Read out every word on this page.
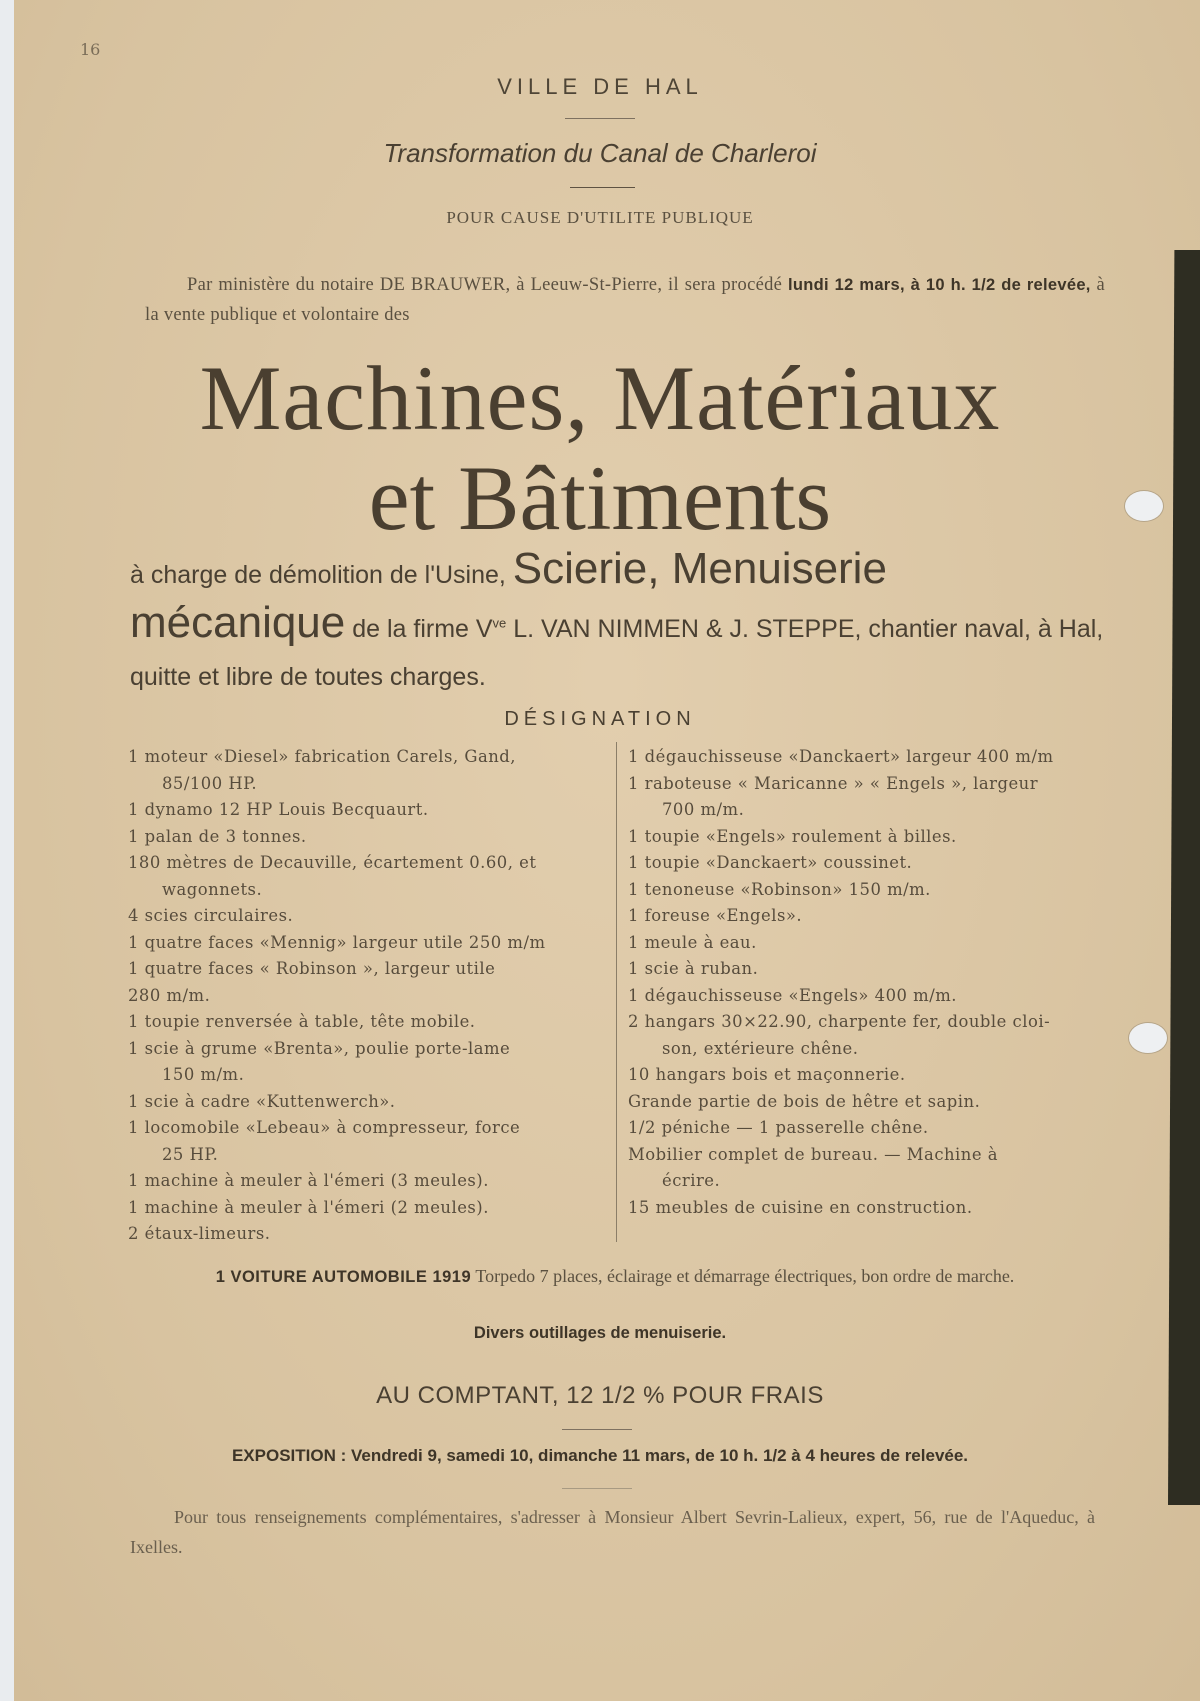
16
VILLE DE HAL
Transformation du Canal de Charleroi
POUR CAUSE D'UTILITE PUBLIQUE
Par ministère du notaire DE BRAUWER, à Leeuw-St-Pierre, il sera procédé lundi 12 mars, à 10 h. 1/2 de relevée, à la vente publique et volontaire des
Machines, Matériaux
et Bâtiments
à charge de démolition de l'Usine, Scierie, Menuiserie mécanique de la firme $V^{ve}$ L. VAN NIMMEN & J. STEPPE, chantier naval, à Hal, quitte et libre de toutes charges.
DÉSIGNATION
1 moteur «Diesel» fabrication Carels, Gand,
85/100 HP.
1 dynamo 12 HP Louis Becquaurt.
1 palan de 3 tonnes.
180 mètres de Decauville, écartement 0.60, et
wagonnets.
4 scies circulaires.
1 quatre faces «Mennig» largeur utile 250 m/m
1 quatre faces « Robinson », largeur utile
280 m/m.
1 toupie renversée à table, tête mobile.
1 scie à grume «Brenta», poulie porte-lame
150 m/m.
1 scie à cadre «Kuttenwerch».
1 locomobile «Lebeau» à compresseur, force
25 HP.
1 machine à meuler à l'émeri (3 meules).
1 machine à meuler à l'émeri (2 meules).
2 étaux-limeurs.
1 dégauchisseuse «Danckaert» largeur 400 m/m
1 raboteuse « Maricanne » « Engels », largeur
700 m/m.
1 toupie «Engels» roulement à billes.
1 toupie «Danckaert» coussinet.
1 tenoneuse «Robinson» 150 m/m.
1 foreuse «Engels».
1 meule à eau.
1 scie à ruban.
1 dégauchisseuse «Engels» 400 m/m.
2 hangars 30×22.90, charpente fer, double cloi-
son, extérieure chêne.
10 hangars bois et maçonnerie.
Grande partie de bois de hêtre et sapin.
1/2 péniche — 1 passerelle chêne.
Mobilier complet de bureau. — Machine à
écrire.
15 meubles de cuisine en construction.
1 VOITURE AUTOMOBILE 1919 Torpedo 7 places, éclairage et démarrage électriques, bon ordre de marche.
Divers outillages de menuiserie.
AU COMPTANT, 12 1/2 % POUR FRAIS
EXPOSITION : Vendredi 9, samedi 10, dimanche 11 mars, de 10 h. 1/2 à 4 heures de relevée.
Pour tous renseignements complémentaires, s'adresser à Monsieur Albert Sevrin-Lalieux, expert, 56, rue de l'Aqueduc, à Ixelles.
